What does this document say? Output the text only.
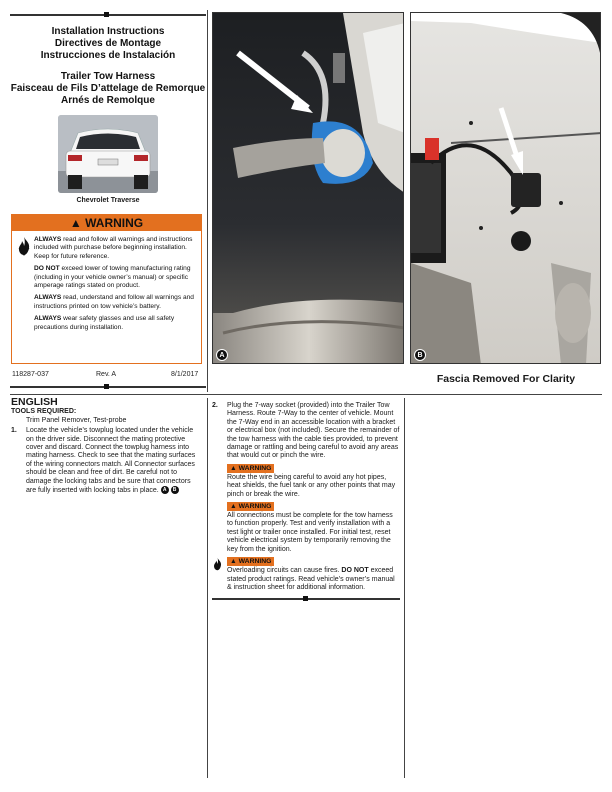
Installation Instructions
Directives de Montage
Instrucciones de Instalación
Trailer Tow Harness
Faisceau de Fils D’attelage de Remorque
Arnés de Remolque
Chevrolet Traverse
▲ WARNING

ALWAYS read and follow all warnings and instructions included with purchase before beginning installation. Keep for future reference.

DO NOT exceed lower of towing manufacturing rating (including in your vehicle owner’s manual) or specific amperage ratings stated on product.

ALWAYS read, understand and follow all warnings and instructions printed on tow vehicle’s battery.

ALWAYS wear safety glasses and use all safety precautions during installation.

118287-037	Rev. A	8/1/2017
A	B
Fascia Removed For Clarity
ENGLISH
TOOLS REQUIRED:
Trim Panel Remover, Test-probe
1. Locate the vehicle’s towplug located under the vehicle on the driver side. Disconnect the mating protective cover and discard. Connect the towplug harness into mating harness. Check to see that the mating surfaces of the wiring connectors match. All Connector surfaces should be clean and free of dirt. Be careful not to damage the locking tabs and be sure that connectors are fully inserted with locking tabs in place. A B
2. Plug the 7-way socket (provided) into the Trailer Tow Harness. Route 7-Way to the center of vehicle. Mount the 7-Way end in an accessible location with a bracket or electrical box (not included). Secure the remainder of the tow harness with the cable ties provided, to prevent damage or rattling and being careful to avoid any areas that would cut or pinch the wire.
▲ WARNING
Route the wire being careful to avoid any hot pipes, heat shields, the fuel tank or any other points that may pinch or break the wire.
▲ WARNING
All connections must be complete for the tow harness to function properly. Test and verify installation with a test light or trailer once installed. For initial test, reset vehicle electrical system by temporarily removing the key from the ignition.
▲ WARNING
Overloading circuits can cause fires. DO NOT exceed stated product ratings. Read vehicle’s owner’s manual & instruction sheet for additional information.
